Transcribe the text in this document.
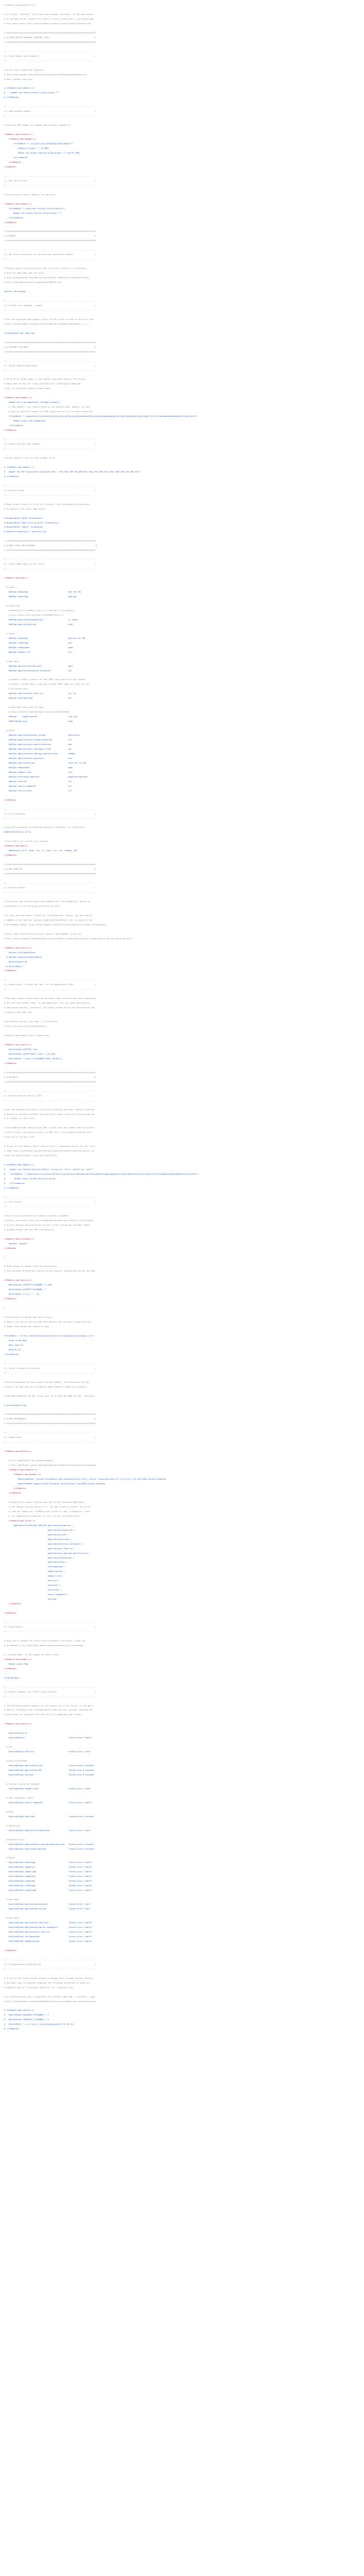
# Apache Configuration File

# (!) Using `.htaccess` files slows down Apache, therefore, if you have access
# to the main server config file (usually called `httpd.conf`), you should add
# this logic there: http://httpd.apache.org/docs/current/howto/htaccess.html.

# ##############################################################################
# # CROSS-ORIGIN RESOURCE SHARING (CORS)                                       #
# ##############################################################################

# ------------------------------------------------------------------------------
# | Cross-domain AJAX requests                                                 |
# ------------------------------------------------------------------------------

# Allow cross-origin AJAX requests.
# http://code.google.com/p/html5security/wiki/CrossOriginRequestSecurity
# http://enable-cors.org/

# <IfModule mod_headers.c>
#     Header set Access-Control-Allow-Origin "*"
# </IfModule>

# ------------------------------------------------------------------------------
# | CORS-enabled images                                                        |
# ------------------------------------------------------------------------------

# Send the CORS header for images when browsers request it.

<IfModule mod_setenvif.c>
<IfModule mod_headers.c>
<FilesMatch "\.(cur|gif|ico|jpe?g|png|svgz?|webp)$">
SetEnvIf Origin ":" IS_CORS
Header set Access-Control-Allow-Origin "*" env=IS_CORS
</FilesMatch>
</IfModule>
</IfModule>

# ------------------------------------------------------------------------------
# | Web fonts access                                                           |
# ------------------------------------------------------------------------------

# Allow access from all domains for web fonts

<IfModule mod_headers.c>
<FilesMatch "\.(eot|font.css|otf|ttc|ttf|woff)$">
Header set Access-Control-Allow-Origin "*"
</FilesMatch>
</IfModule>

# ##############################################################################
# # ERRORS                                                                     #
# ##############################################################################

# ------------------------------------------------------------------------------
# | 404 error prevention for non-existing redirected folders                   |
# ------------------------------------------------------------------------------

# Prevent Apache from returning a 404 error for a rewrite if a directory
# with the same name does not exist.
# http://httpd.apache.org/docs/current/content-negotiation.html#multiviews
# http://www.webmasterworld.com/apache/3808792.htm

Options -MultiViews

# ------------------------------------------------------------------------------
# | Custom error messages / pages                                              |
# ------------------------------------------------------------------------------

# You can customize what Apache returns to the client in case of an error (see
# http://httpd.apache.org/docs/current/mod/core.html#errordocument), e.g.:

ErrorDocument 404 /404.html

# ##############################################################################
# # INTERNET EXPLORER                                                          #
# ##############################################################################

# ------------------------------------------------------------------------------
# | Better website experience                                                  |
# ------------------------------------------------------------------------------

# Force IE to render pages in the highest available mode in the various
# cases when it may not: http://hsivonen.iki.fi/doctype/ie-mode.pdf.
# Use, if installed, Google Chrome Frame.

<IfModule mod_headers.c>
Header set X-UA-Compatible "IE=edge,chrome=1"
# `mod_headers` can't match based on the content-type, however, we only
# want to send this header for HTML pages and not for the other resources
<FilesMatch "\.(appcache|crx|css|eot|gif|htc|ico|jpe?g|js|m4a|m4v|manifest|mp4|oex|oga|ogg|ogv|otf|pdf|png|safariextz|svgz?|ttf|vcf|webapp|webm|webp|woff|xml|xpi)$">
Header unset X-UA-Compatible
</FilesMatch>
</IfModule>

# ------------------------------------------------------------------------------
# | Cookie setting from iframes                                                |
# ------------------------------------------------------------------------------

# Allow cookies to be set from iframes in IE.

# <IfModule mod_headers.c>
#   Header set P3P "policyref=\"/w3c/p3p.xml\", CP=\"IDC DSP COR ADM DEVi TAIi PSA PSD IVAi IVDi CONi HIS OUR IND CNT\""
# </IfModule>

# ------------------------------------------------------------------------------
# | Screen flicker                                                             |
# ------------------------------------------------------------------------------

# Stop screen flicker in IE on CSS rollovers (the following directives must
# be placed in the exact same order).

# BrowserMatch "MSIE" brokenvary=1
# BrowserMatch "Mozilla/4.[0-9]{2}" brokenvary=1
# BrowserMatch "Opera" !brokenvary
# SetEnvIf brokenvary 1 force-no-vary

# ##############################################################################
# # MIME TYPES AND ENCODING                                                     #
# ##############################################################################

# ------------------------------------------------------------------------------
# | Proper MIME types for all files                                            |
# ------------------------------------------------------------------------------

<IfModule mod_mime.c>

# Audio
AddType audio/mp4                                   m4a f4a f4b
AddType audio/ogg                                   oga ogg

# JavaScript
# Normalize to standard type (it's sniffed in IE anyways):
# http://tools.ietf.org/html/rfc4329#section-7.2
AddType application/javascript                      js jsonp
AddType application/json                            json

# Video
AddType video/mp4                                   mp4 m4v f4v f4p
AddType video/ogg                                   ogv
AddType video/webm                                  webm
AddType video/x-flv                                 flv

# Web fonts
AddType application/font-woff                       woff
AddType application/vnd.ms-fontobject               eot

# Browsers usually ignore the font MIME types and sniff the content,
# however, Chrome shows a warning if other MIME types are used for the
# following fonts.
AddType application/x-font-ttf                      ttc ttf
AddType font/opentype                               otf

# Make SVGZ fonts work on iPad:
# https://twitter.com/FontSquirrel/status/14855840545
AddType     image/svg+xml                           svg svgz
AddEncoding gzip                                    svgz

# Other
AddType application/octet-stream                    safariextz
AddType application/x-chrome-extension              crx
AddType application/x-opera-extension               oex
AddType application/x-shockwave-flash               swf
AddType application/x-web-app-manifest+json         webapp
AddType application/x-xpinstall                     xpi
AddType application/xml                             atom rdf rss xml
AddType image/webp                                  webp
AddType image/x-icon                                ico
AddType text/cache-manifest                         appcache manifest
AddType text/vtt                                    vtt
AddType text/x-component                            htc
AddType text/x-vcard                                vcf

</IfModule>

# ------------------------------------------------------------------------------
# | UTF-8 encoding                                                             |
# ------------------------------------------------------------------------------

# Use UTF-8 encoding for anything served as `text/html` or `text/plain`.
AddDefaultCharset utf-8

# Force UTF-8 for certain file formats.
<IfModule mod_mime.c>
AddCharset utf-8 .atom .css .js .json .rss .vtt .webapp .xml
</IfModule>

# ##############################################################################
# # URL REWRITES                                                               #
# ##############################################################################

# ------------------------------------------------------------------------------
# | Rewrite engine                                                             |
# ------------------------------------------------------------------------------

# Turning on the rewrite engine and enabling the `FollowSymLinks` option is
# necessary for the following directives to work.

# If your web host doesn't allow the `FollowSymlinks` option, you may need to
# comment it out and use `Options +SymLinksIfOwnerMatch` but, be aware of the
# performance impact: http://httpd.apache.org/docs/current/misc/perf-tuning.html#symlinks

# Also, some cloud hosting services require `RewriteBase` to be set:
# http://www.rackspace.com/knowledge_center/frequently-asked-question/why-is-mod-rewrite-not-working-on-my-site

<IfModule mod_rewrite.c>
Options +FollowSymlinks
# Options +SymLinksIfOwnerMatch
RewriteEngine On
# RewriteBase /
</IfModule>

# ------------------------------------------------------------------------------
# | Suppressing / Forcing the "www." at the beginning of URLs                  |
# ------------------------------------------------------------------------------

# The same content should never be available under two different URLs especially
# not with and without "www." at the beginning. This can cause SEO problems
# (duplicate content), therefore, you should choose one of the alternatives and
# redirect the other one.

# By default option 1 (no "www.") is activated:
# http://no-www.org/faq.php?q=class_b

# Rewrite www.example.com → example.com

<IfModule mod_rewrite.c>
RewriteCond %{HTTPS} !=on
RewriteCond %{HTTP_HOST} ^www\.(.+)$ [NC]
RewriteRule ^ http://%1%{REQUEST_URI} [R=301,L]
</IfModule>

# ##############################################################################
# # SECURITY                                                                   #
# ##############################################################################

# ------------------------------------------------------------------------------
# | Content Security Policy (CSP)                                              |
# ------------------------------------------------------------------------------

# You can mitigate the risk of cross-site scripting and other content-injection
# attacks by setting a Content Security Policy which whitelists trusted sources
# of content for your site.

# The example header below allows ONLY scripts that are loaded from the current
# site's origin (no inline scripts, no CDN, etc). This almost certainly won't
# work as-is for your site!

# To get all the details you'll need to craft a reasonable policy for your site,
# read: http://html5rocks.com/en/tutorials/security/content-security-policy (or
# see the specification: http://w3.org/TR/CSP).

# <IfModule mod_headers.c>
#    Header set Content-Security-Policy "script-src 'self'; object-src 'self'"
#    <FilesMatch "\.(appcache|crx|css|eot|gif|htc|ico|jpe?g|js|m4a|m4v|manifest|mp4|oex|oga|ogg|ogv|otf|pdf|png|safariextz|svgz?|ttf|vcf|webapp|webm|webp|woff|xml|xpi)$">
#        Header unset Content-Security-Policy
#    </FilesMatch>
# </IfModule>

# ------------------------------------------------------------------------------
# | File access                                                                |
# ------------------------------------------------------------------------------

# Block access to directories without a default document.
# Usually you should leave this uncommented because you shouldn't allow anyone
# to surf through every directory on your server (which may includes rather
# private places like the CMS's directories).

<IfModule mod_autoindex.c>
Options -Indexes
</IfModule>

# - - - - - - - - - - - - - - - - - - - - - - - - - - - - - - - - - - - - - - -

# Block access to hidden files and directories.
# This includes directories used by version control systems such as Git and SVN.

<IfModule mod_rewrite.c>
RewriteCond %{SCRIPT_FILENAME} -d [OR]
RewriteCond %{SCRIPT_FILENAME} -f
RewriteRule "(^|/)\." - [F]
</IfModule>

# - - - - - - - - - - - - - - - - - - - - - - - - - - - - - - - - - - - - - - -

# Block access to backup and source files.
# These files may be left by some text editors and can pose a great security
# danger when anyone has access to them.

<FilesMatch "(^#.*#|\.(bak|config|dist|fla|inc|ini|log|psd|sh|sql|sw[op])|~)$">
Order allow,deny
Deny from all
Satisfy All
</FilesMatch>

# ------------------------------------------------------------------------------
# | Server software information                                                |
# ------------------------------------------------------------------------------

# Avoid displaying the exact Apache version number, the description of the
# generic OS-type and the information about Apache's compiled-in modules.

# ADD THIS DIRECTIVE IN THE `httpd.conf` AS IT WILL NOT WORK IN THE `.htaccess`!

# ServerTokens Prod

# ##############################################################################
# # WEB PERFORMANCE                                                            #
# ##############################################################################

# ------------------------------------------------------------------------------
# | Compression                                                                |
# ------------------------------------------------------------------------------

<IfModule mod_deflate.c>

# Force compression for mangled headers.
# http://developer.yahoo.com/blogs/ydn/posts/2010/12/pushing-beyond-gzipping
<IfModule mod_setenvif.c>
<IfModule mod_headers.c>
SetEnvIfNoCase ^(Accept-EncodXng|X-cept-Encoding|X{15}|~{15}|-{15})$ ^((gzip|deflate)\s*,?\s*)+|[X~-]{4,13}$ HAVE_Accept-Encoding
RequestHeader append Accept-Encoding "gzip,deflate" env=HAVE_Accept-Encoding
</IfModule>
</IfModule>

# Compress all output labeled with one of the following MIME-types
# (for Apache versions below 2.3.7, you don't need to enable `mod_filter`
#  and can remove the `<IfModule mod_filter.c>` and `</IfModule>` lines
#  as `AddOutputFilterByType` is still in the core directives).
<IfModule mod_filter.c>
AddOutputFilterByType DEFLATE application/atom+xml \
application/javascript \
application/json \
application/rss+xml \
application/vnd.ms-fontobject \
application/x-font-ttf \
application/x-web-app-manifest+json \
application/xhtml+xml \
application/xml \
font/opentype \
image/svg+xml \
image/x-icon \
text/css \
text/html \
text/plain \
text/x-component \
text/xml
</IfModule>

</IfModule>

# ------------------------------------------------------------------------------
# | ETag removal                                                               |
# ------------------------------------------------------------------------------

# Since we're sending far-future expires headers (see below), ETags can
# be removed: http://developer.yahoo.com/performance/rules.html#etags.

# `FileETag None` is not enough for every server.
<IfModule mod_headers.c>
Header unset ETag
</IfModule>

FileETag None

# ------------------------------------------------------------------------------
# | Expires headers (for better cache control)                                 |
# ------------------------------------------------------------------------------

# The following expires headers are set pretty far in the future. If you don't
# control versioning with filename-based cache busting, consider lowering the
# cache time for resources like CSS and JS to something like 1 week.

<IfModule mod_expires.c>

ExpiresActive on
ExpiresDefault                                      "access plus 1 month"

# CSS
ExpiresByType text/css                              "access plus 1 year"

# Data interchange
ExpiresByType application/json                      "access plus 0 seconds"
ExpiresByType application/xml                       "access plus 0 seconds"
ExpiresByType text/xml                              "access plus 0 seconds"

# Favicon (cannot be renamed!)
ExpiresByType image/x-icon                          "access plus 1 week"

# HTML components (HTCs)
ExpiresByType text/x-component                      "access plus 1 month"

# HTML
ExpiresByType text/html                             "access plus 0 seconds"

# JavaScript
ExpiresByType application/javascript                "access plus 1 year"

# Manifest files
ExpiresByType application/x-web-app-manifest+json   "access plus 0 seconds"
ExpiresByType text/cache-manifest                   "access plus 0 seconds"

# Media
ExpiresByType audio/ogg                             "access plus 1 month"
ExpiresByType image/gif                             "access plus 1 month"
ExpiresByType image/jpeg                            "access plus 1 month"
ExpiresByType image/png                             "access plus 1 month"
ExpiresByType video/mp4                             "access plus 1 month"
ExpiresByType video/ogg                             "access plus 1 month"
ExpiresByType video/webm                            "access plus 1 month"

# Web feeds
ExpiresByType application/atom+xml                  "access plus 1 hour"
ExpiresByType application/rss+xml                   "access plus 1 hour"

# Web fonts
ExpiresByType application/font-woff                 "access plus 1 month"
ExpiresByType application/vnd.ms-fontobject         "access plus 1 month"
ExpiresByType application/x-font-ttf                "access plus 1 month"
ExpiresByType font/opentype                         "access plus 1 month"
ExpiresByType image/svg+xml                         "access plus 1 month"

</IfModule>

# ------------------------------------------------------------------------------
# | Filename-based cache busting                                               |
# ------------------------------------------------------------------------------

# If you're not using a build process to manage your filename version revving,
# you might want to consider enabling the following directives to route all
# requests such as `/css/style.12345.css` to `/css/style.css`.

# To understand why this is important and a better idea than `*.css?v231`, read:
# http://stevesouders.com/blog/2008/08/23/revving-filenames-dont-use-querystring

# <IfModule mod_rewrite.c>
#   RewriteCond %{REQUEST_FILENAME} !-f
#   RewriteCond %{REQUEST_FILENAME} !-d
#   RewriteRule ^(.+)\.(\d+)\.(js|css|png|jpg|gif)$ $1.$3 [L]
# </IfModule>
